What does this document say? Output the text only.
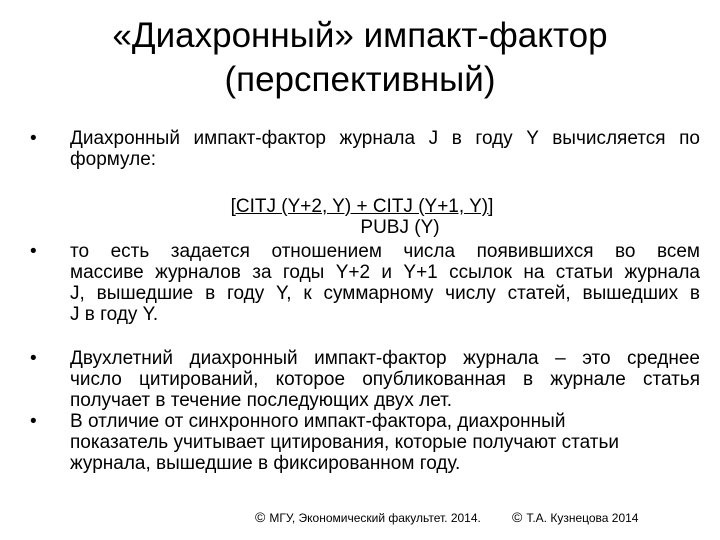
«Диахронный» импакт-фактор
(перспективный)
• Диахронный импакт-фактор журнала J в году Y вычисляется по
формуле:
[CITJ (Y+2, Y) + CITJ (Y+1, Y)]
PUBJ (Y)
• то есть задается отношением числа появившихся во всем
массиве журналов за годы Y+2 и Y+1 ссылок на статьи журнала
J, вышедшие в году Y, к суммарному числу статей, вышедших в
J в году Y.
• Двухлетний диахронный импакт-фактор журнала – это среднее
число цитирований, которое опубликованная в журнале статья
получает в течение последующих двух лет.
• В отличие от синхронного импакт-фактора, диахронный
показатель учитывает цитирования, которые получают статьи
журнала, вышедшие в фиксированном году.
© МГУ, Экономический факультет. 2014. © Т.А. Кузнецова 2014
